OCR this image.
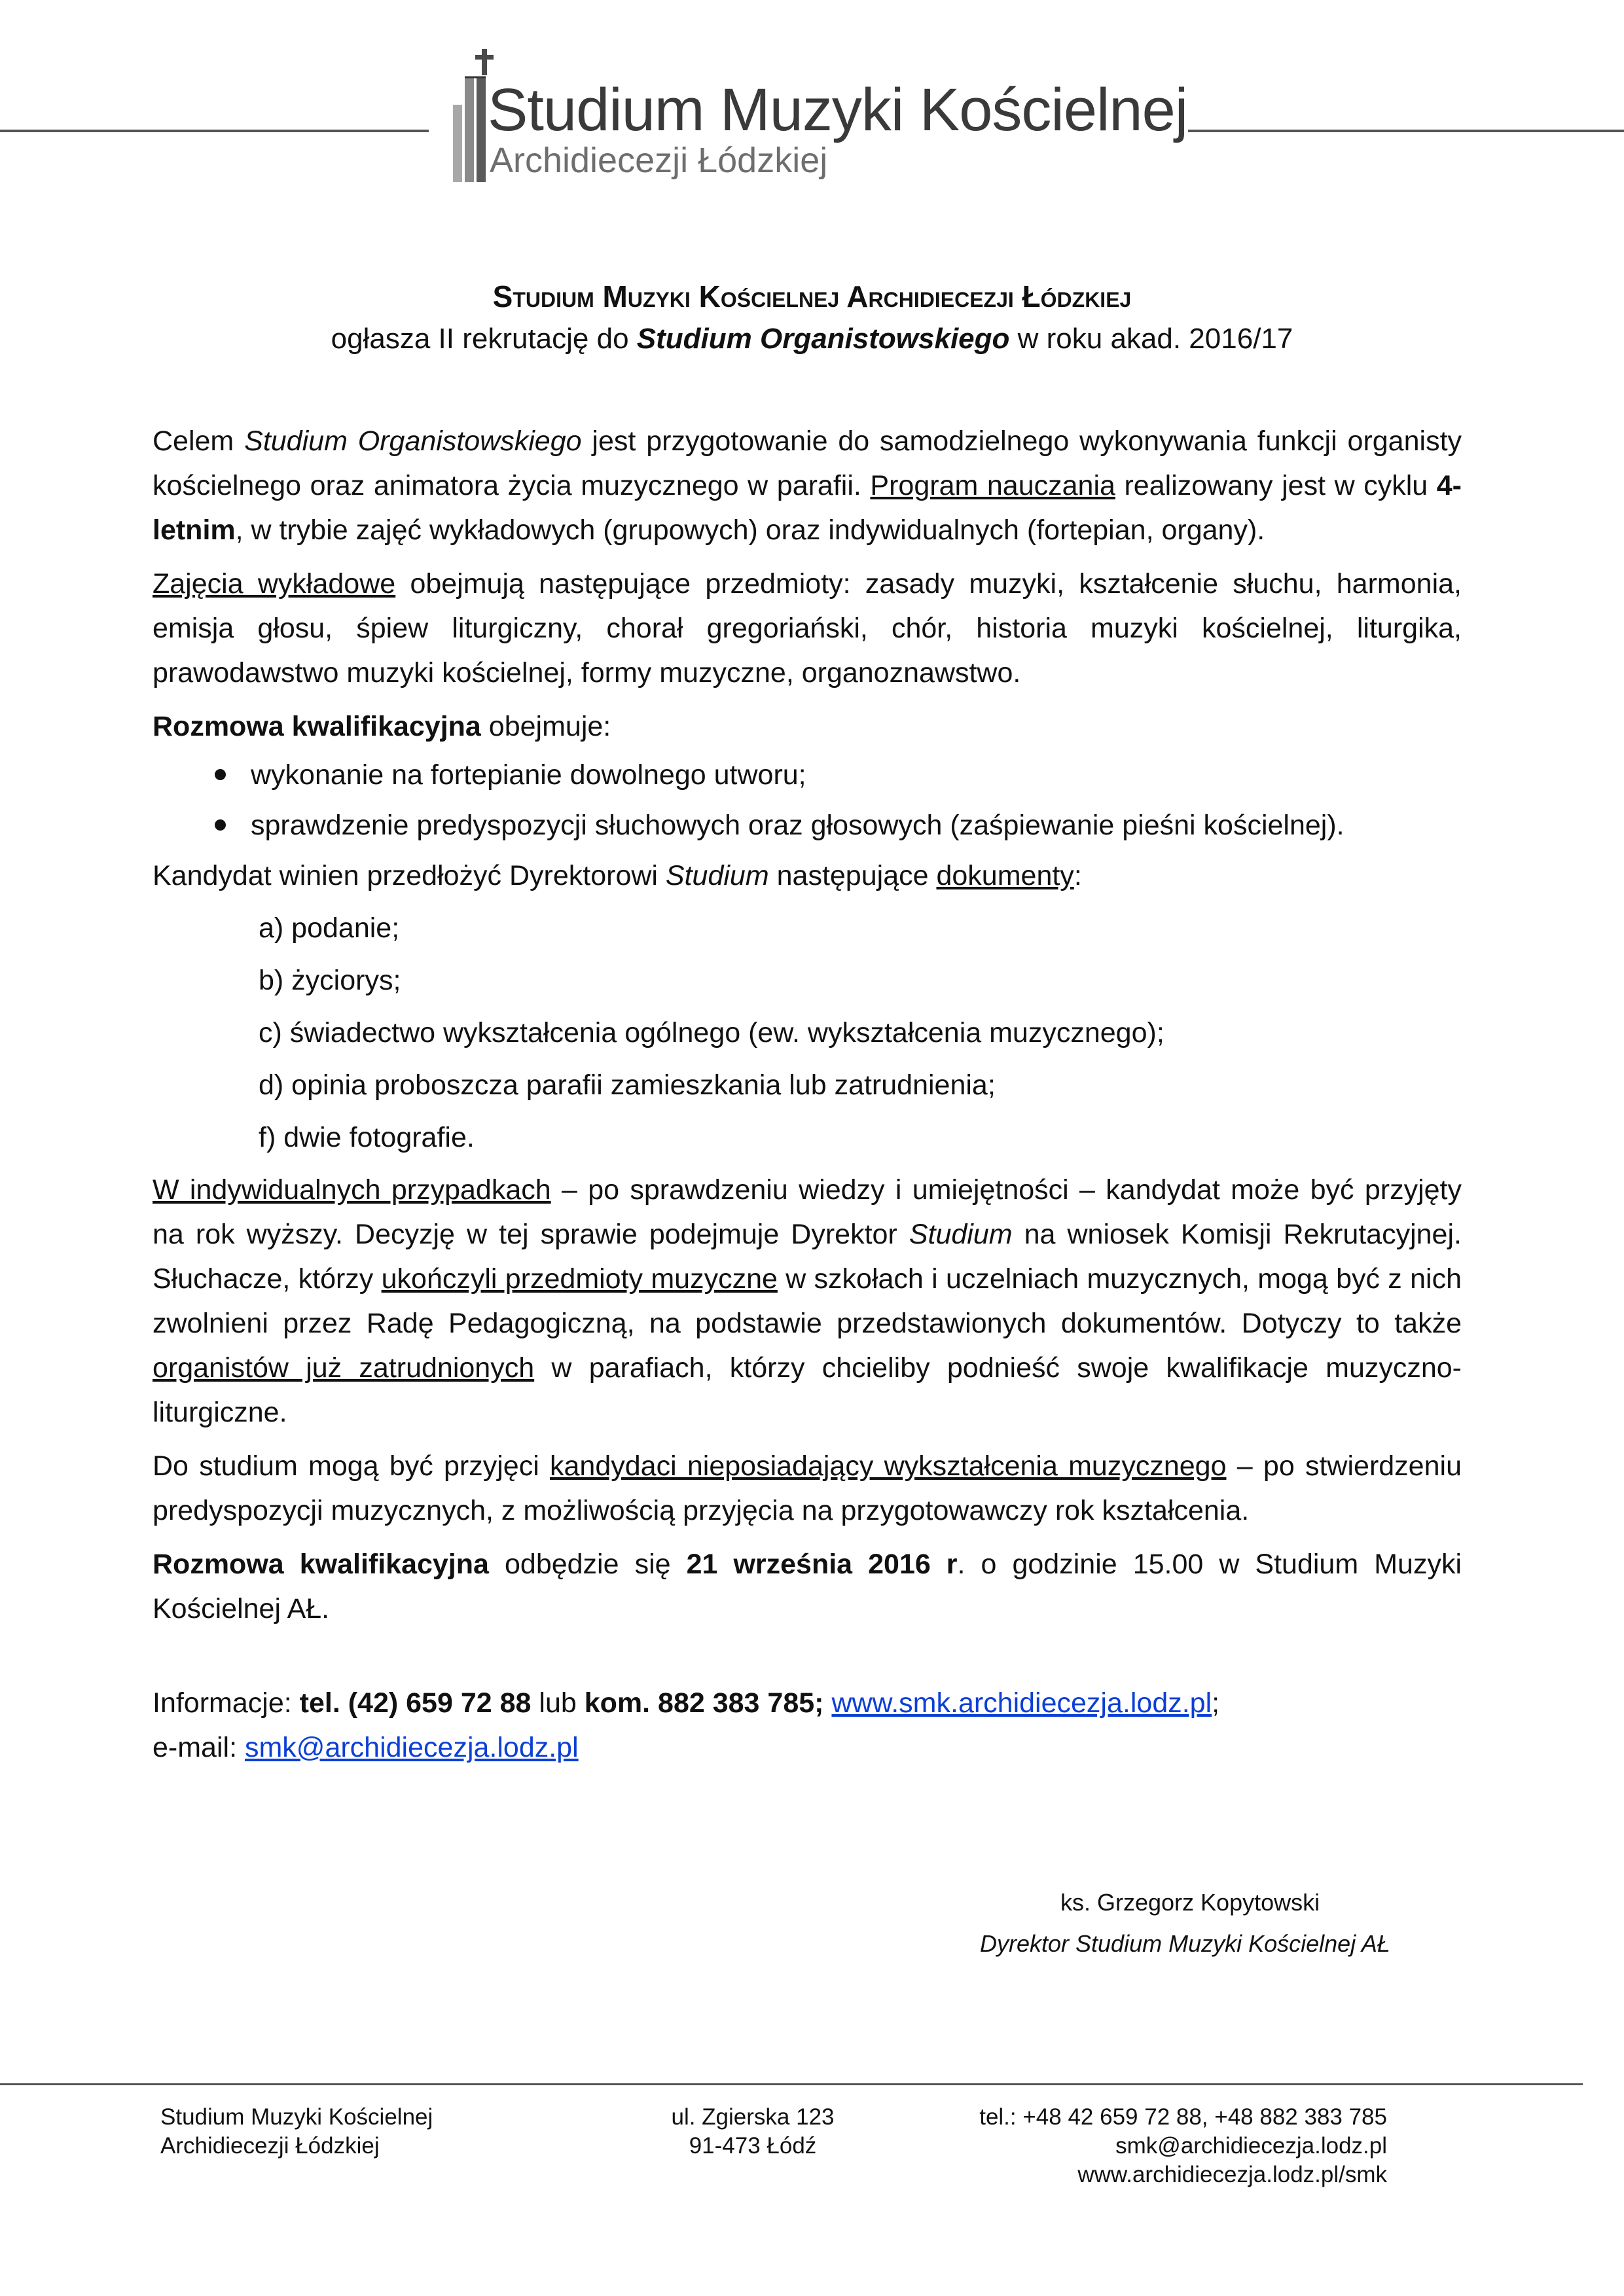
Studium Muzyki Kościelnej
Archidiecezji Łódzkiej
Studium Muzyki Kościelnej Archidiecezji Łódzkiej
ogłasza II rekrutację do Studium Organistowskiego w roku akad. 2016/17

Celem Studium Organistowskiego jest przygotowanie do samodzielnego wykonywania funkcji organisty kościelnego oraz animatora życia muzycznego w parafii. Program nauczania realizowany jest w cyklu 4-letnim, w trybie zajęć wykładowych (grupowych) oraz indywidualnych (fortepian, organy).

Zajęcia wykładowe obejmują następujące przedmioty: zasady muzyki, kształcenie słuchu, harmonia, emisja głosu, śpiew liturgiczny, chorał gregoriański, chór, historia muzyki kościelnej, liturgika, prawodawstwo muzyki kościelnej, formy muzyczne, organoznawstwo.

Rozmowa kwalifikacyjna obejmuje:

wykonanie na fortepianie dowolnego utworu;
sprawdzenie predyspozycji słuchowych oraz głosowych (zaśpiewanie pieśni kościelnej).

Kandydat winien przedłożyć Dyrektorowi Studium następujące dokumenty:

a) podanie;
b) życiorys;
c) świadectwo wykształcenia ogólnego (ew. wykształcenia muzycznego);
d) opinia proboszcza parafii zamieszkania lub zatrudnienia;
f) dwie fotografie.

W indywidualnych przypadkach – po sprawdzeniu wiedzy i umiejętności – kandydat może być przyjęty na rok wyższy. Decyzję w tej sprawie podejmuje Dyrektor Studium na wniosek Komisji Rekrutacyjnej. Słuchacze, którzy ukończyli przedmioty muzyczne w szkołach i uczelniach muzycznych, mogą być z nich zwolnieni przez Radę Pedagogiczną, na podstawie przedstawionych dokumentów. Dotyczy to także organistów już zatrudnionych w parafiach, którzy chcieliby podnieść swoje kwalifikacje muzyczno-liturgiczne.

Do studium mogą być przyjęci kandydaci nieposiadający wykształcenia muzycznego – po stwierdzeniu predyspozycji muzycznych, z możliwością przyjęcia na przygotowawczy rok kształcenia.

Rozmowa kwalifikacyjna odbędzie się 21 września 2016 r. o godzinie 15.00 w Studium Muzyki Kościelnej AŁ.

Informacje: tel. (42) 659 72 88 lub kom. 882 383 785; www.smk.archidiecezja.lodz.pl;
e-mail: smk@archidiecezja.lodz.pl

ks. Grzegorz Kopytowski
Dyrektor Studium Muzyki Kościelnej AŁ
Studium Muzyki Kościelnej
Archidiecezji Łódzkiej
ul. Zgierska 123
91-473 Łódź
tel.: +48 42 659 72 88, +48 882 383 785
smk@archidiecezja.lodz.pl
www.archidiecezja.lodz.pl/smk
